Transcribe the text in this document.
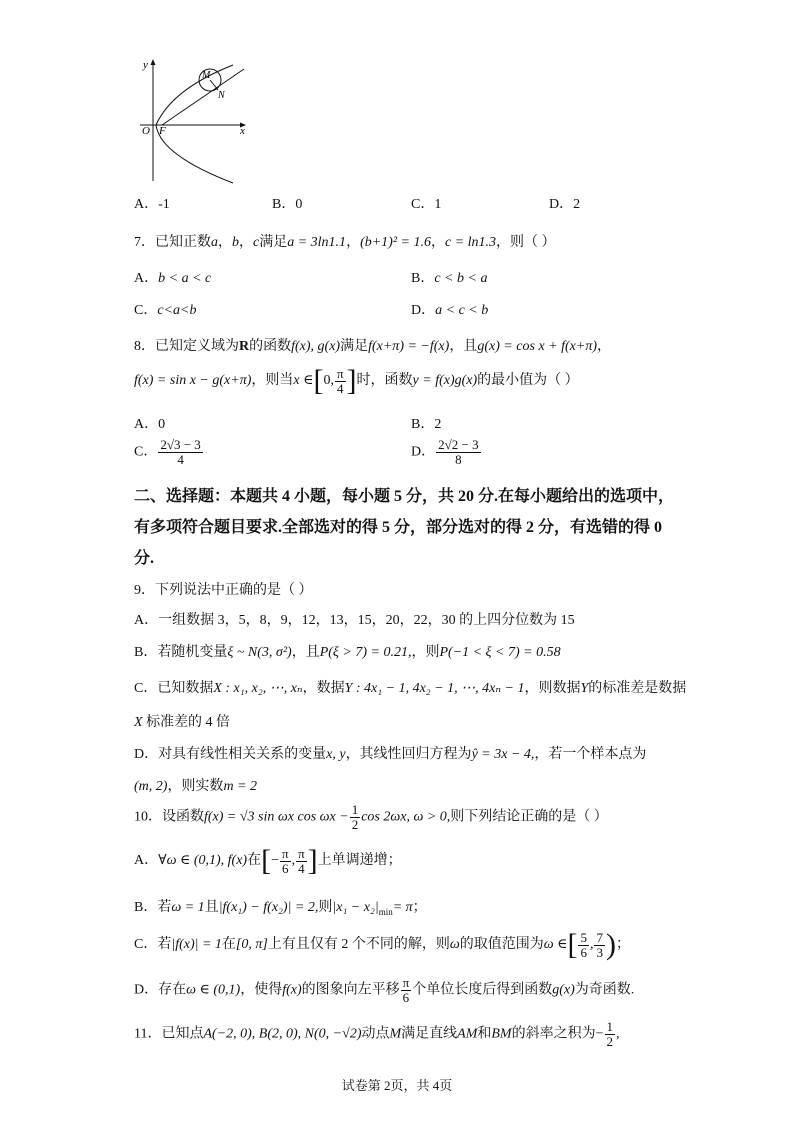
y
x
O F
M
N
A．-1	B．0	C．1	D．2
7．已知正数a，b，c满足a = 3ln1.1，(b+1)² = 1.6，c = ln1.3，则（ ）
A．b < a < c	B．c < b < a
C．c<a<b	D．a < c < b
8．已知定义域为R的函数f(x), g(x)满足f(x+π) = −f(x)，且g(x) = cos x + f(x+π)，
f(x) = sin x − g(x+π)，则当x ∈[0, $\frac{\pi}{4}$ ]时，函数y = f(x)g(x)的最小值为（ ）
A．0	B．2
C． $\frac{2√3 - 3}{4}$	D． $\frac{2√2 - 3}{8}$
二、选择题：本题共 4 小题，每小题 5 分，共 20 分.在每小题给出的选项中，
有多项符合题目要求.全部选对的得 5 分，部分选对的得 2 分，有选错的得 0
分.
9．下列说法中正确的是（ ）
A．一组数据 3，5，8，9，12，13，15，20，22，30 的上四分位数为 15
B．若随机变量ξ ~ N(3, σ²)，且P(ξ > 7) = 0.21,，则P(−1 < ξ < 7) = 0.58
C．已知数据X : x₁, x₂, ⋯, xₙ，数据Y : 4x₁ − 1, 4x₂ − 1, ⋯, 4xₙ − 1，则数据Y的标准差是数据
X 标准差的 4 倍
D．对具有线性相关关系的变量x, y，其线性回归方程为ŷ = 3x − 4,，若一个样本点为
(m, 2)，则实数m = 2
10．设函数f(x) = √3 sin ωx $\cos \omega x - \frac{1}{2}$ cos 2ωx, ω > 0,则下列结论正确的是（ ）
A．∀ω ∈ (0,1), f(x)在[− $\frac{\pi}{6}$ , $\frac{\pi}{4}$ ]上单调递增；
B．若ω = 1且|f(x₁) − f(x₂)| = 2,则$|x_1 - x_2|_{min}= \pi$；
C．若|f(x)| = 1在[0, π]上有且仅有 2 个不同的解，则ω的取值范围为ω ∈[ $\frac{5}{6}$ , $\frac{7}{3}$ )；
D．存在ω ∈ (0,1)，使得f(x)的图象向左平移 $\frac{\pi}{6}$ 个单位长度后得到函数g(x)为奇函数.
11．已知点A(−2, 0), B(2, 0), N(0, −√2)动点M满足直线AM和BM的斜率之积为− $\frac{1}{2}$ ,
试卷第 2页，共 4页
